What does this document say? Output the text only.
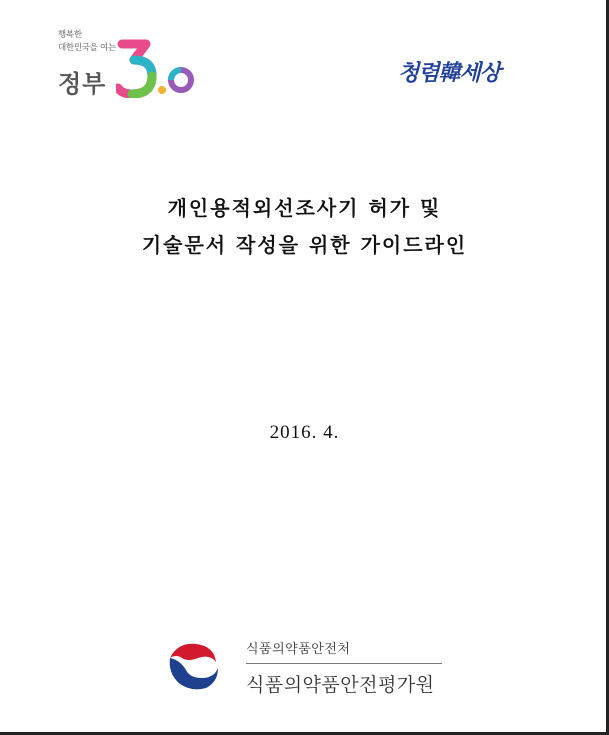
행복한
대한민국을 여는
정부	청렴韓세상
개인용적외선조사기 허가 및
기술문서 작성을 위한 가이드라인
2016. 4.
식품의약품안전처
식품의약품안전평가원
